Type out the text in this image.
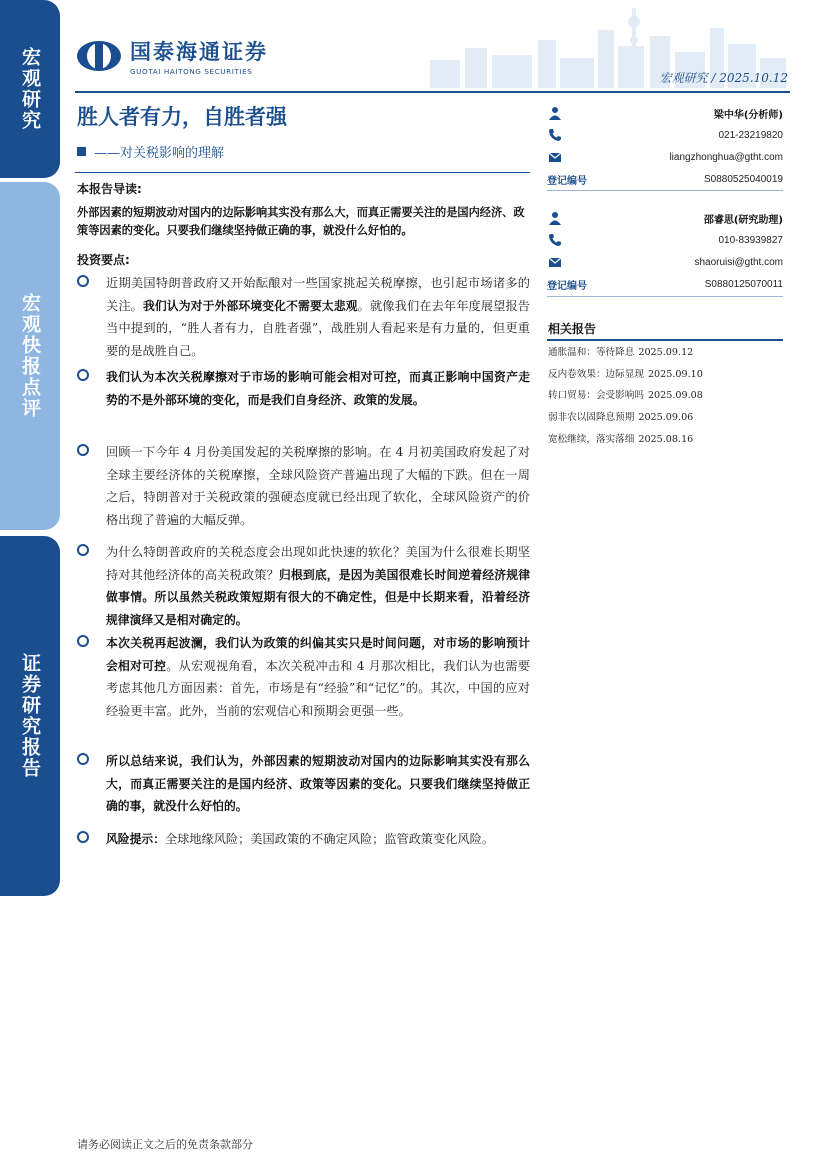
宏观研究
宏观快报点评
证券研究报告
国泰海通证券
GUOTAI HAITONG SECURITIES	宏观研究 / 2025.10.12
胜人者有力，自胜者强
——对关税影响的理解
本报告导读:
外部因素的短期波动对国内的边际影响其实没有那么大，而真正需要关注的是国内经济、政策等因素的变化。只要我们继续坚持做正确的事，就没什么好怕的。
投资要点:
近期美国特朗普政府又开始酝酿对一些国家挑起关税摩擦，也引起市场诸多的关注。我们认为对于外部环境变化不需要太悲观。就像我们在去年年度展望报告当中提到的，“胜人者有力，自胜者强”，战胜别人看起来是有力量的，但更重要的是战胜自己。
我们认为本次关税摩擦对于市场的影响可能会相对可控，而真正影响中国资产走势的不是外部环境的变化，而是我们自身经济、政策的发展。
回顾一下今年 4 月份美国发起的关税摩擦的影响。在 4 月初美国政府发起了对全球主要经济体的关税摩擦，全球风险资产普遍出现了大幅的下跌。但在一周之后，特朗普对于关税政策的强硬态度就已经出现了软化，全球风险资产的价格出现了普遍的大幅反弹。
为什么特朗普政府的关税态度会出现如此快速的软化？美国为什么很难长期坚持对其他经济体的高关税政策？归根到底，是因为美国很难长时间逆着经济规律做事情。所以虽然关税政策短期有很大的不确定性，但是中长期来看，沿着经济规律演绎又是相对确定的。
本次关税再起波澜，我们认为政策的纠偏其实只是时间问题，对市场的影响预计会相对可控。从宏观视角看，本次关税冲击和 4 月那次相比，我们认为也需要考虑其他几方面因素：首先，市场是有“经验”和“记忆”的。其次，中国的应对经验更丰富。此外，当前的宏观信心和预期会更强一些。
所以总结来说，我们认为，外部因素的短期波动对国内的边际影响其实没有那么大，而真正需要关注的是国内经济、政策等因素的变化。只要我们继续坚持做正确的事，就没什么好怕的。
风险提示：全球地缘风险；美国政策的不确定风险；监管政策变化风险。
梁中华(分析师)
021-23219820
liangzhonghua@gtht.com
登记编号	S0880525040019
邵睿思(研究助理)
010-83939827
shaoruisi@gtht.com
登记编号	S0880125070011
相关报告
通胀温和：等待降息 2025.09.12
反内卷效果：边际显现 2025.09.10
转口贸易：会受影响吗 2025.09.08
弱非农以固降息预期 2025.09.06
宽松继续，落实落细 2025.08.16
请务必阅读正文之后的免责条款部分
